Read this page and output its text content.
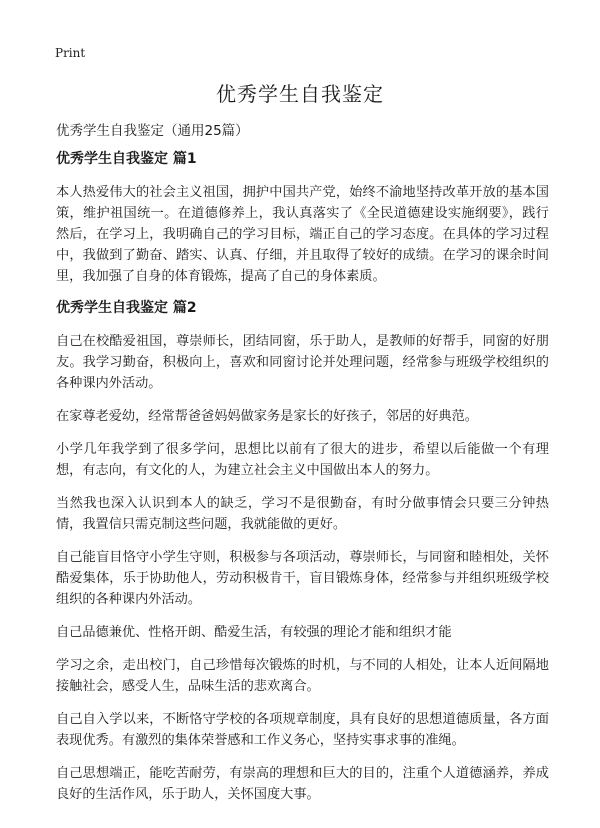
Print
优秀学生自我鉴定

优秀学生自我鉴定（通用25篇）

优秀学生自我鉴定 篇1

本人热爱伟大的社会主义祖国，拥护中国共产党，始终不渝地坚持改革开放的基本国策，维护祖国统一。在道德修养上，我认真落实了《全民道德建设实施纲要》，践行然后，在学习上，我明确自己的学习目标，端正自己的学习态度。在具体的学习过程中，我做到了勤奋、踏实、认真、仔细，并且取得了较好的成绩。在学习的课余时间里，我加强了自身的体育锻炼，提高了自己的身体素质。

优秀学生自我鉴定 篇2

自己在校酷爱祖国，尊崇师长，团结同窗，乐于助人，是教师的好帮手，同窗的好朋友。我学习勤奋，积极向上，喜欢和同窗讨论并处理问题，经常参与班级学校组织的各种课内外活动。

在家尊老爱幼，经常帮爸爸妈妈做家务是家长的好孩子，邻居的好典范。

小学几年我学到了很多学问，思想比以前有了很大的进步，希望以后能做一个有理想，有志向，有文化的人，为建立社会主义中国做出本人的努力。

当然我也深入认识到本人的缺乏，学习不是很勤奋，有时分做事情会只要三分钟热情，我置信只需克制这些问题，我就能做的更好。

自己能盲目恪守小学生守则，积极参与各项活动，尊崇师长，与同窗和睦相处，关怀酷爱集体，乐于协助他人，劳动积极肯干，盲目锻炼身体，经常参与并组织班级学校组织的各种课内外活动。

自己品德兼优、性格开朗、酷爱生活，有较强的理论才能和组织才能

学习之余，走出校门，自己珍惜每次锻炼的时机，与不同的人相处，让本人近间隔地接触社会，感受人生，品味生活的悲欢离合。

自己自入学以来，不断恪守学校的各项规章制度，具有良好的思想道德质量，各方面表现优秀。有激烈的集体荣誉感和工作义务心，坚持实事求事的准绳。

自己思想端正，能吃苦耐劳，有崇高的理想和巨大的目的，注重个人道德涵养，养成良好的生活作风，乐于助人，关怀国度大事。
